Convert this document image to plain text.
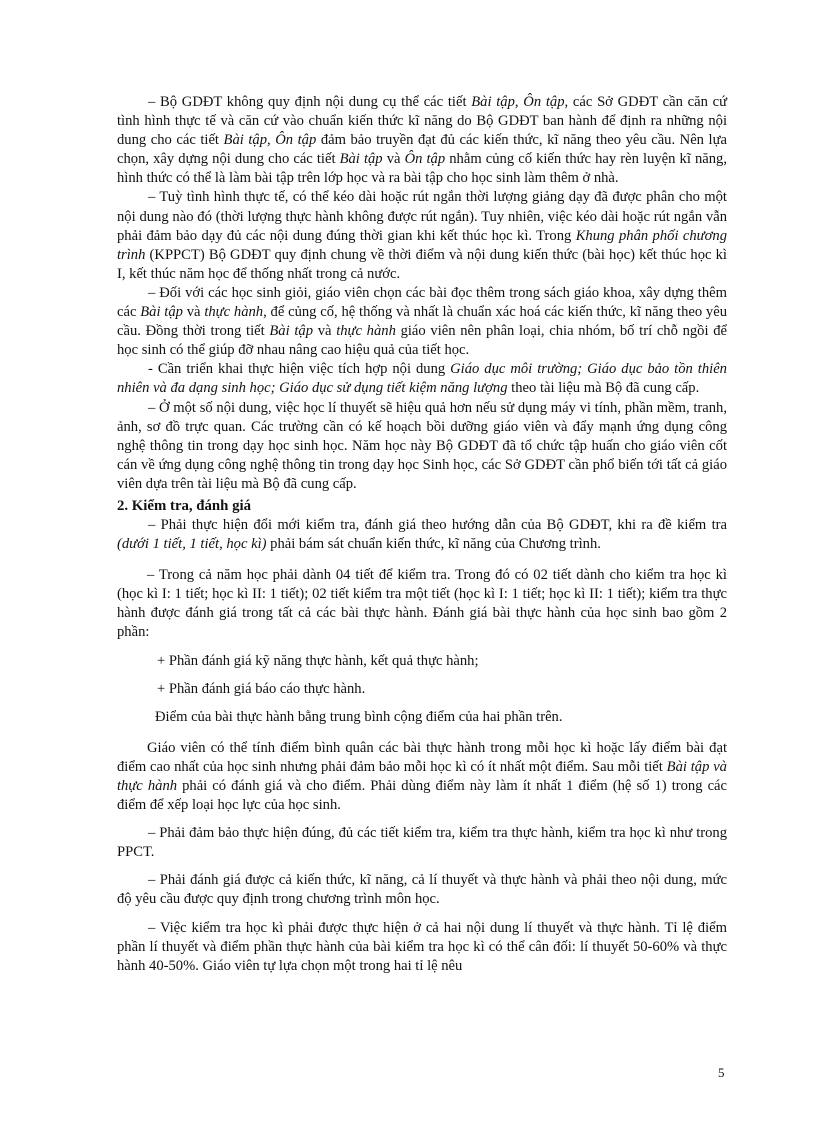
– Bộ GDĐT không quy định nội dung cụ thể các tiết Bài tập, Ôn tập, các Sở GDĐT cần căn cứ tình hình thực tế và căn cứ vào chuẩn kiến thức kĩ năng do Bộ GDĐT ban hành để định ra những nội dung cho các tiết Bài tập, Ôn tập đảm bảo truyền đạt đủ các kiến thức, kĩ năng theo yêu cầu. Nên lựa chọn, xây dựng nội dung cho các tiết Bài tập và Ôn tập nhằm củng cố kiến thức hay rèn luyện kĩ năng, hình thức có thể là làm bài tập trên lớp học và ra bài tập cho học sinh làm thêm ở nhà.

– Tuỳ tình hình thực tế, có thể kéo dài hoặc rút ngắn thời lượng giảng dạy đã được phân cho một nội dung nào đó (thời lượng thực hành không được rút ngắn). Tuy nhiên, việc kéo dài hoặc rút ngắn vẫn phải đảm bảo dạy đủ các nội dung đúng thời gian khi kết thúc học kì. Trong Khung phân phối chương trình (KPPCT) Bộ GDĐT quy định chung về thời điểm và nội dung kiến thức (bài học) kết thúc học kì I, kết thúc năm học để thống nhất trong cả nước.

– Đối với các học sinh giỏi, giáo viên chọn các bài đọc thêm trong sách giáo khoa, xây dựng thêm các Bài tập và thực hành, để củng cố, hệ thống và nhất là chuẩn xác hoá các kiến thức, kĩ năng theo yêu cầu. Đồng thời trong tiết Bài tập và thực hành giáo viên nên phân loại, chia nhóm, bố trí chỗ ngồi để học sinh có thể giúp đỡ nhau nâng cao hiệu quả của tiết học.

- Cần triển khai thực hiện việc tích hợp nội dung Giáo dục môi trường; Giáo dục bảo tồn thiên nhiên và đa dạng sinh học; Giáo dục sử dụng tiết kiệm năng lượng theo tài liệu mà Bộ đã cung cấp.

– Ở một số nội dung, việc học lí thuyết sẽ hiệu quả hơn nếu sử dụng máy vi tính, phần mềm, tranh, ảnh, sơ đồ trực quan. Các trường cần có kế hoạch bồi dưỡng giáo viên và đẩy mạnh ứng dụng công nghệ thông tin trong dạy học sinh học. Năm học này Bộ GDĐT đã tổ chức tập huấn cho giáo viên cốt cán về ứng dụng công nghệ thông tin trong dạy học Sinh học, các Sở GDĐT cần phổ biến tới tất cả giáo viên dựa trên tài liệu mà Bộ đã cung cấp.

2. Kiểm tra, đánh giá

– Phải thực hiện đổi mới kiểm tra, đánh giá theo hướng dẫn của Bộ GDĐT, khi ra đề kiểm tra (dưới 1 tiết, 1 tiết, học kì) phải bám sát chuẩn kiến thức, kĩ năng của Chương trình.

– Trong cả năm học phải dành 04 tiết để kiểm tra. Trong đó có 02 tiết dành cho kiểm tra học kì (học kì I: 1 tiết; học kì II: 1 tiết); 02 tiết kiểm tra một tiết (học kì I: 1 tiết; học kì II: 1 tiết); kiểm tra thực hành được đánh giá trong tất cả các bài thực hành. Đánh giá bài thực hành của học sinh bao gồm 2 phần:

+ Phần đánh giá kỹ năng thực hành, kết quả thực hành;

+ Phần đánh giá báo cáo thực hành.

Điểm của bài thực hành bằng trung bình cộng điểm của hai phần trên.

Giáo viên có thể tính điểm bình quân các bài thực hành trong mỗi học kì hoặc lấy điểm bài đạt điểm cao nhất của học sinh nhưng phải đảm bảo mỗi học kì có ít nhất một điểm. Sau mỗi tiết Bài tập và thực hành phải có đánh giá và cho điểm. Phải dùng điểm này làm ít nhất 1 điểm (hệ số 1) trong các điểm để xếp loại học lực của học sinh.

– Phải đảm bảo thực hiện đúng, đủ các tiết kiểm tra, kiểm tra thực hành, kiểm tra học kì như trong PPCT.

– Phải đánh giá được cả kiến thức, kĩ năng, cả lí thuyết và thực hành và phải theo nội dung, mức độ yêu cầu được quy định trong chương trình môn học.

– Việc kiểm tra học kì phải được thực hiện ở cả hai nội dung lí thuyết và thực hành. Tỉ lệ điểm phần lí thuyết và điểm phần thực hành của bài kiểm tra học kì có thể cân đối: lí thuyết 50-60% và thực hành 40-50%. Giáo viên tự lựa chọn một trong hai tỉ lệ nêu

5
